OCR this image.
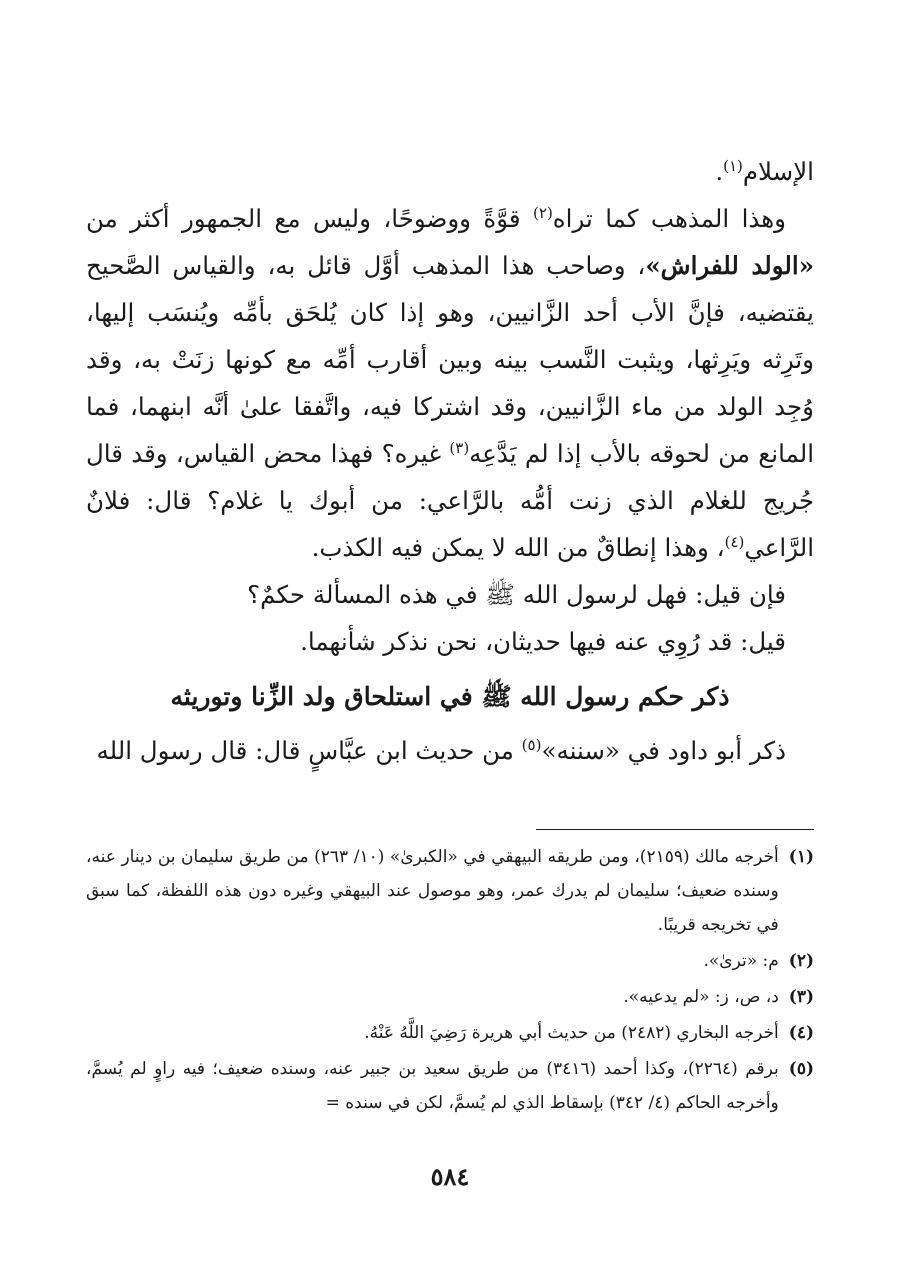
الإسلام$^{(١)}$.

وهذا المذهب كما تراه$^{(٢)}$ قوَّةً ووضوحًا، وليس مع الجمهور أكثر من «الولد للفراش»، وصاحب هذا المذهب أوَّل قائل به، والقياس الصَّحيح يقتضيه، فإنَّ الأب أحد الزَّانيين، وهو إذا كان يُلحَق بأمِّه ويُنسَب إليها، وتَرِثه ويَرِثها، ويثبت النَّسب بينه وبين أقارب أمِّه مع كونها زنَتْ به، وقد وُجِد الولد من ماء الزَّانيين، وقد اشتركا فيه، واتَّفقا علىٰ أنَّه ابنهما، فما المانع من لحوقه بالأب إذا لم يَدَّعِه$^{(٣)}$ غيره؟ فهذا محض القياس، وقد قال جُريج للغلام الذي زنت أمُّه بالرَّاعي: من أبوك يا غلام؟ قال: فلانٌ الرَّاعي$^{(٤)}$، وهذا إنطاقٌ من الله لا يمكن فيه الكذب.

فإن قيل: فهل لرسول الله ﷺ في هذه المسألة حكمٌ؟

قيل: قد رُوِي عنه فيها حديثان، نحن نذكر شأنهما.

ذكر حكم رسول الله ﷺ في استلحاق ولد الزِّنا وتوريثه

ذكر أبو داود في «سننه»$^{(٥)}$ من حديث ابن عبَّاسٍ قال: قال رسول الله

(١)
أخرجه مالك (٢١٥٩)، ومن طريقه البيهقي في «الكبرىٰ» (١٠/ ٢٦٣) من طريق سليمان بن دينار عنه، وسنده ضعيف؛ سليمان لم يدرك عمر، وهو موصول عند البيهقي وغيره دون هذه اللفظة، كما سبق في تخريجه قريبًا.
(٢)
م: «ترىٰ».
(٣)
د، ص، ز: «لم يدعيه».
(٤)
أخرجه البخاري (٢٤٨٢) من حديث أبي هريرة رَضِيَ اللَّهُ عَنْهُ.
(٥)
برقم (٢٢٦٤)، وكذا أحمد (٣٤١٦) من طريق سعيد بن جبير عنه، وسنده ضعيف؛ فيه راوٍ لم يُسمَّ، وأخرجه الحاكم (٤/ ٣٤٢) بإسقاط الذي لم يُسمَّ، لكن في سنده =
٥٨٤
